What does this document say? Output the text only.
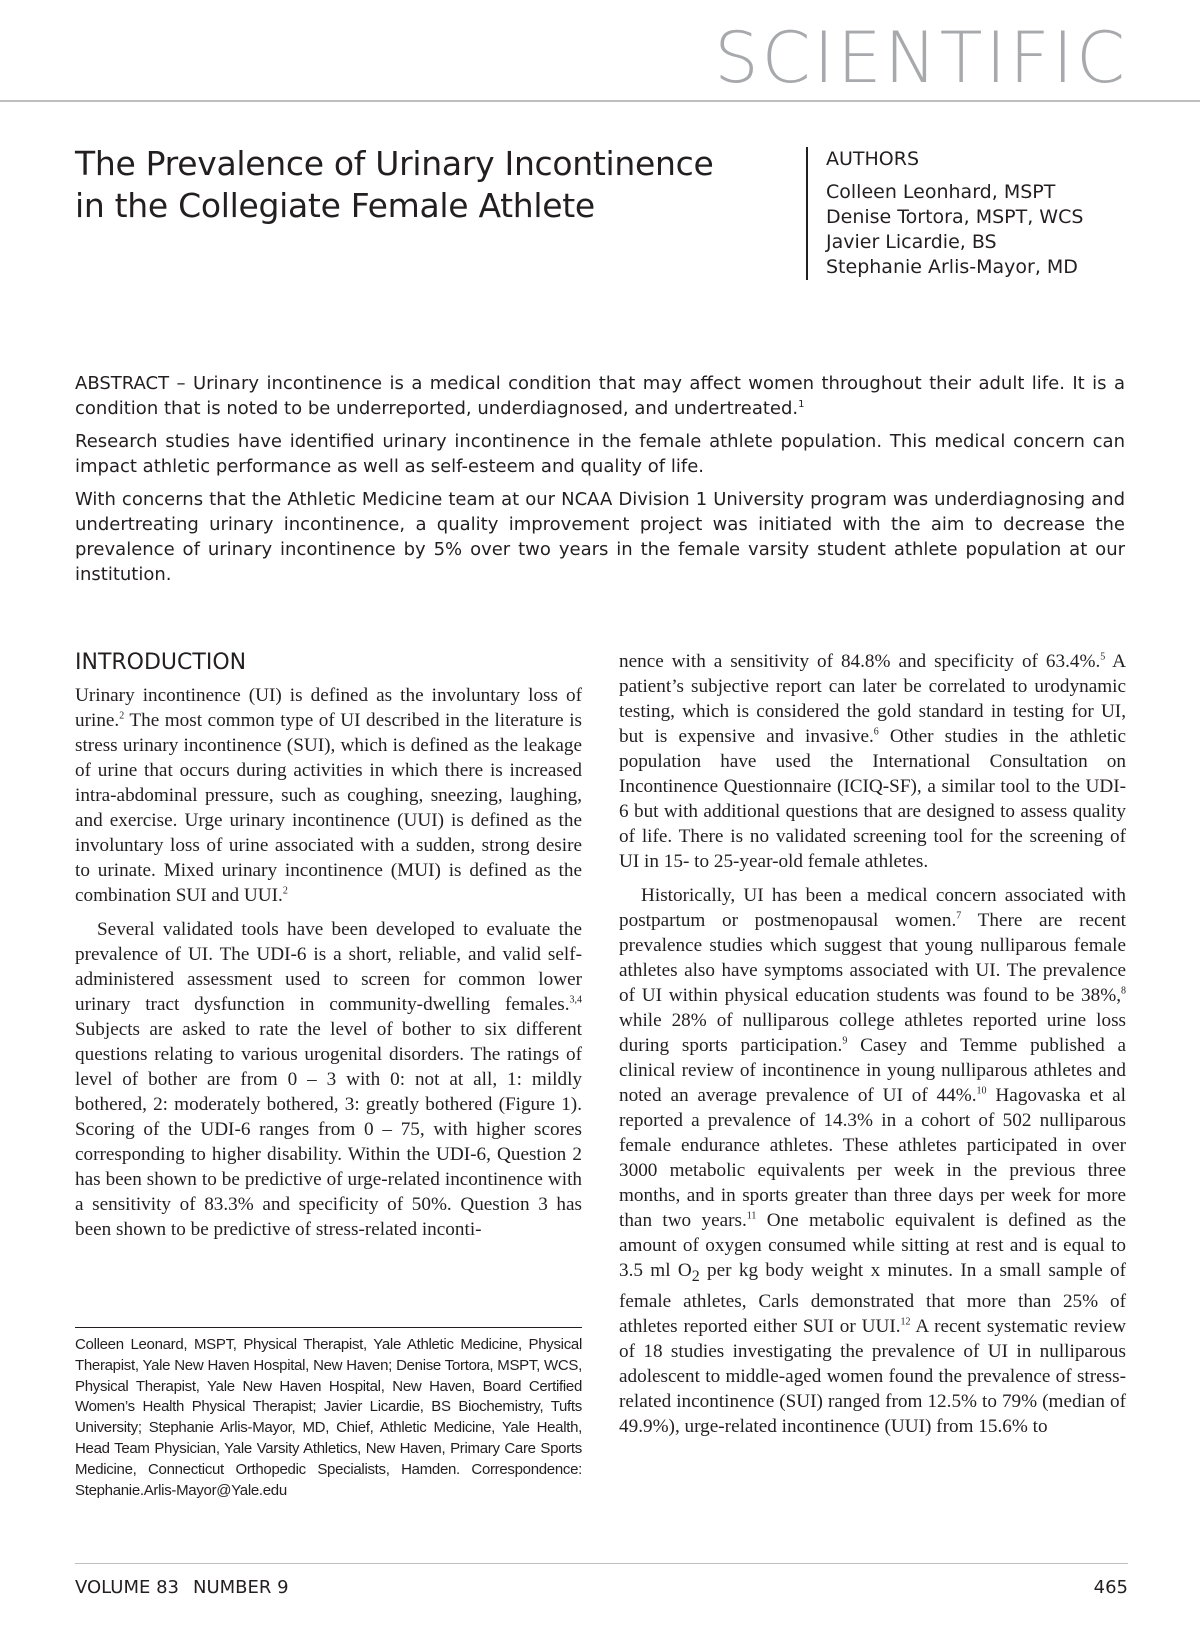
SCIENTIFIC
The Prevalence of Urinary Incontinence
in the Collegiate Female Athlete
AUTHORS
Colleen Leonhard, MSPT
Denise Tortora, MSPT, WCS
Javier Licardie, BS
Stephanie Arlis-Mayor, MD

ABSTRACT – Urinary incontinence is a medical condition that may affect women throughout their adult life. It is a condition that is noted to be underreported, underdiagnosed, and undertreated.$^1$

Research studies have identified urinary incontinence in the female athlete population. This medical concern can impact athletic performance as well as self-esteem and quality of life.

With concerns that the Athletic Medicine team at our NCAA Division 1 University program was underdiagnosing and undertreating urinary incontinence, a quality improvement project was initiated with the aim to decrease the prevalence of urinary incontinence by 5% over two years in the female varsity student athlete population at our institution.

INTRODUCTION

Urinary incontinence (UI) is defined as the involuntary loss of urine.$^2$ The most common type of UI described in the literature is stress urinary incontinence (SUI), which is defined as the leakage of urine that occurs during activities in which there is increased intra-abdominal pressure, such as coughing, sneezing, laughing, and exercise. Urge urinary incontinence (UUI) is defined as the involuntary loss of urine associated with a sudden, strong desire to urinate. Mixed urinary incontinence (MUI) is defined as the combination SUI and UUI.$^2$

Several validated tools have been developed to evaluate the prevalence of UI. The UDI-6 is a short, reliable, and valid self-administered assessment used to screen for common lower urinary tract dysfunction in community-dwelling females.$^{3,4}$ Subjects are asked to rate the level of bother to six different questions relating to various urogenital disorders. The ratings of level of bother are from 0 – 3 with 0: not at all, 1: mildly bothered, 2: moderately bothered, 3: greatly bothered (Figure 1). Scoring of the UDI-6 ranges from 0 – 75, with higher scores corresponding to higher disability. Within the UDI-6, Question 2 has been shown to be predictive of urge-related incontinence with a sensitivity of 83.3% and specificity of 50%. Question 3 has been shown to be predictive of stress-related inconti-

nence with a sensitivity of 84.8% and specificity of 63.4%.$^5$ A patient’s subjective report can later be correlated to urodynamic testing, which is considered the gold standard in testing for UI, but is expensive and invasive.$^6$ Other studies in the athletic population have used the International Consultation on Incontinence Questionnaire (ICIQ-SF), a similar tool to the UDI-6 but with additional questions that are designed to assess quality of life. There is no validated screening tool for the screening of UI in 15- to 25-year-old female athletes.

Historically, UI has been a medical concern associated with postpartum or postmenopausal women.$^7$ There are recent prevalence studies which suggest that young nulliparous female athletes also have symptoms associated with UI. The prevalence of UI within physical education students was found to be 38%,$^8$ while 28% of nulliparous college athletes reported urine loss during sports participation.$^9$ Casey and Temme published a clinical review of incontinence in young nulliparous athletes and noted an average prevalence of UI of 44%.$^{10}$ Hagovaska et al reported a prevalence of 14.3% in a cohort of 502 nulliparous female endurance athletes. These athletes participated in over 3000 metabolic equivalents per week in the previous three months, and in sports greater than three days per week for more than two years.$^{11}$ One metabolic equivalent is defined as the amount of oxygen consumed while sitting at rest and is equal to 3.5 ml $O_2$ per kg body weight x minutes. In a small sample of female athletes, Carls demonstrated that more than 25% of athletes reported either SUI or UUI.$^{12}$ A recent systematic review of 18 studies investigating the prevalence of UI in nulliparous adolescent to middle-aged women found the prevalence of stress-related incontinence (SUI) ranged from 12.5% to 79% (median of 49.9%), urge-related incontinence (UUI) from 15.6% to

Colleen Leonard, MSPT, Physical Therapist, Yale Athletic Medicine, Physical Therapist, Yale New Haven Hospital, New Haven; Denise Tortora, MSPT, WCS, Physical Therapist, Yale New Haven Hospital, New Haven, Board Certified Women’s Health Physical Therapist; Javier Licardie, BS Biochemistry, Tufts University; Stephanie Arlis-Mayor, MD, Chief, Athletic Medicine, Yale Health, Head Team Physician, Yale Varsity Athletics, New Haven, Primary Care Sports Medicine, Connecticut Orthopedic Specialists, Hamden. Correspondence: Stephanie.Arlis-Mayor@Yale.edu
VOLUME 83 NUMBER 9	465
